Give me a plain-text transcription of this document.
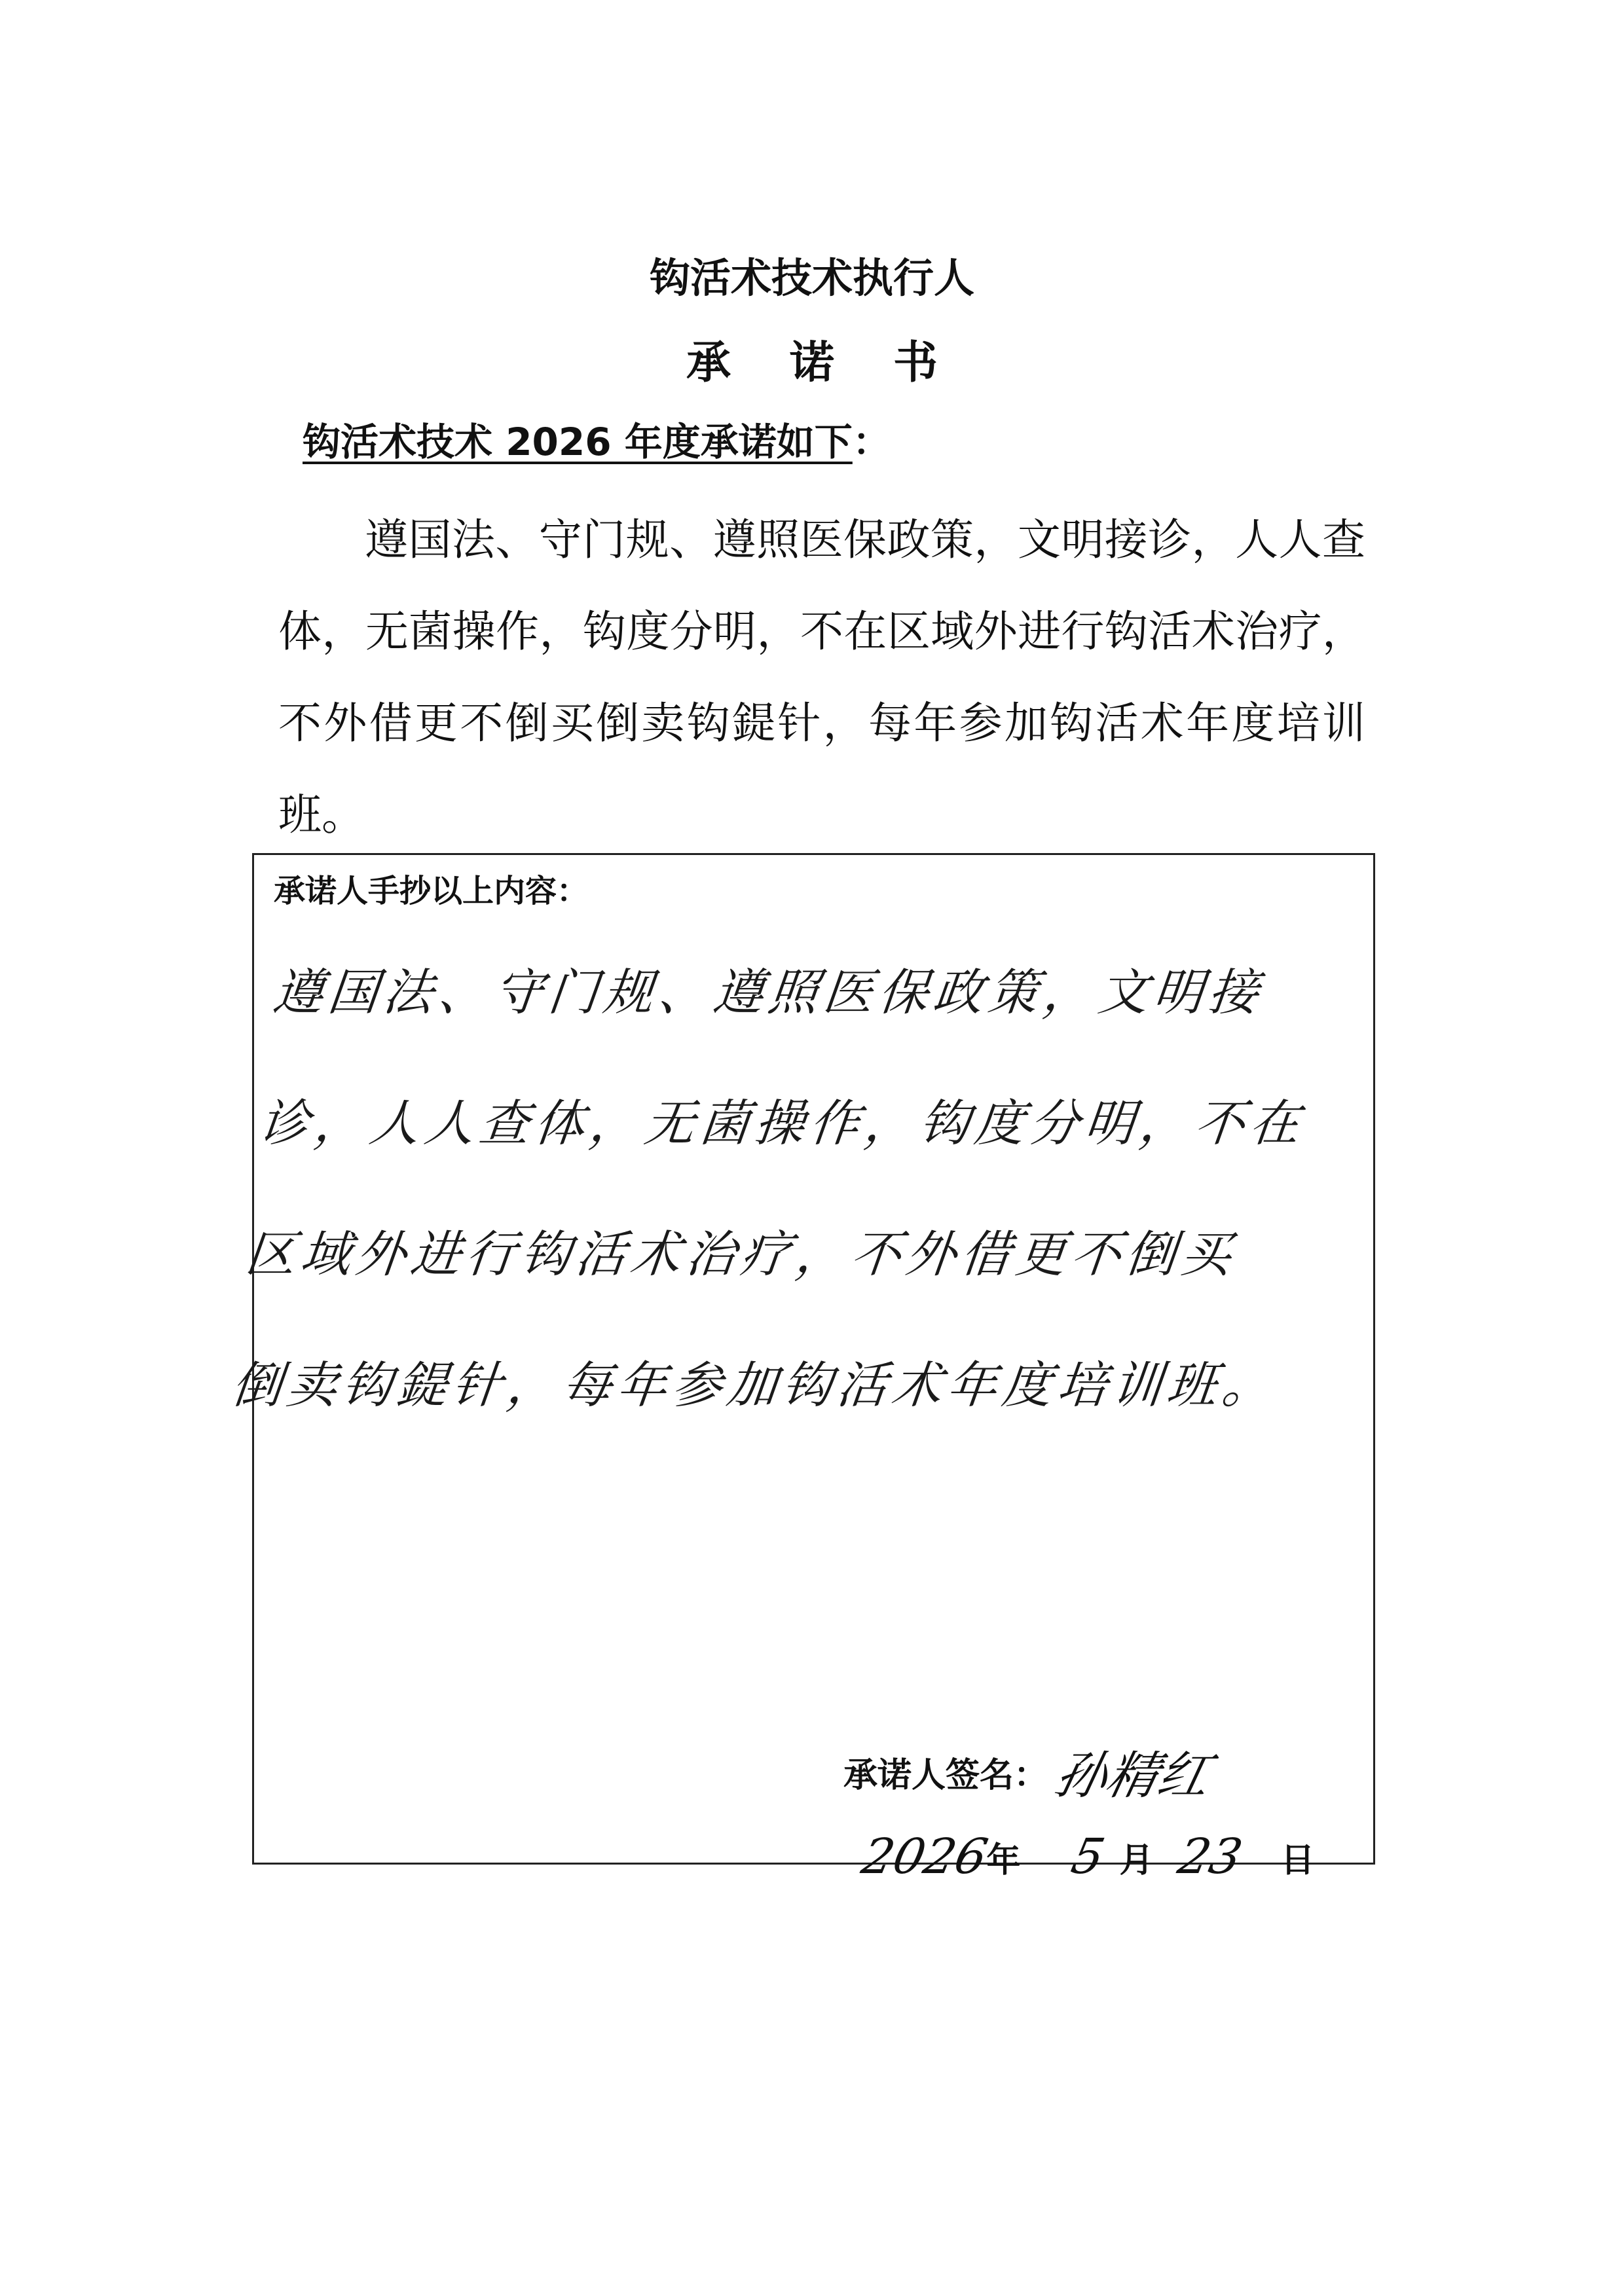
钩活术技术执行人
承诺书
钩活术技术 2026 年度承诺如下：
遵国法、守门规、遵照医保政策，文明接诊，人人查体，无菌操作，钩度分明，不在区域外进行钩活术治疗，不外借更不倒买倒卖钩鍉针，每年参加钩活术年度培训班。
承诺人手抄以上内容：
遵国法、守门规、遵照医保政策，文明接
诊，人人查体，无菌操作，钩度分明，不在
区域外进行钩活术治疗，不外借更不倒买
倒卖钩鍉针，每年参加钩活术年度培训班。
承诺人签名： 孙精红
2026
年 5 月 23 日
